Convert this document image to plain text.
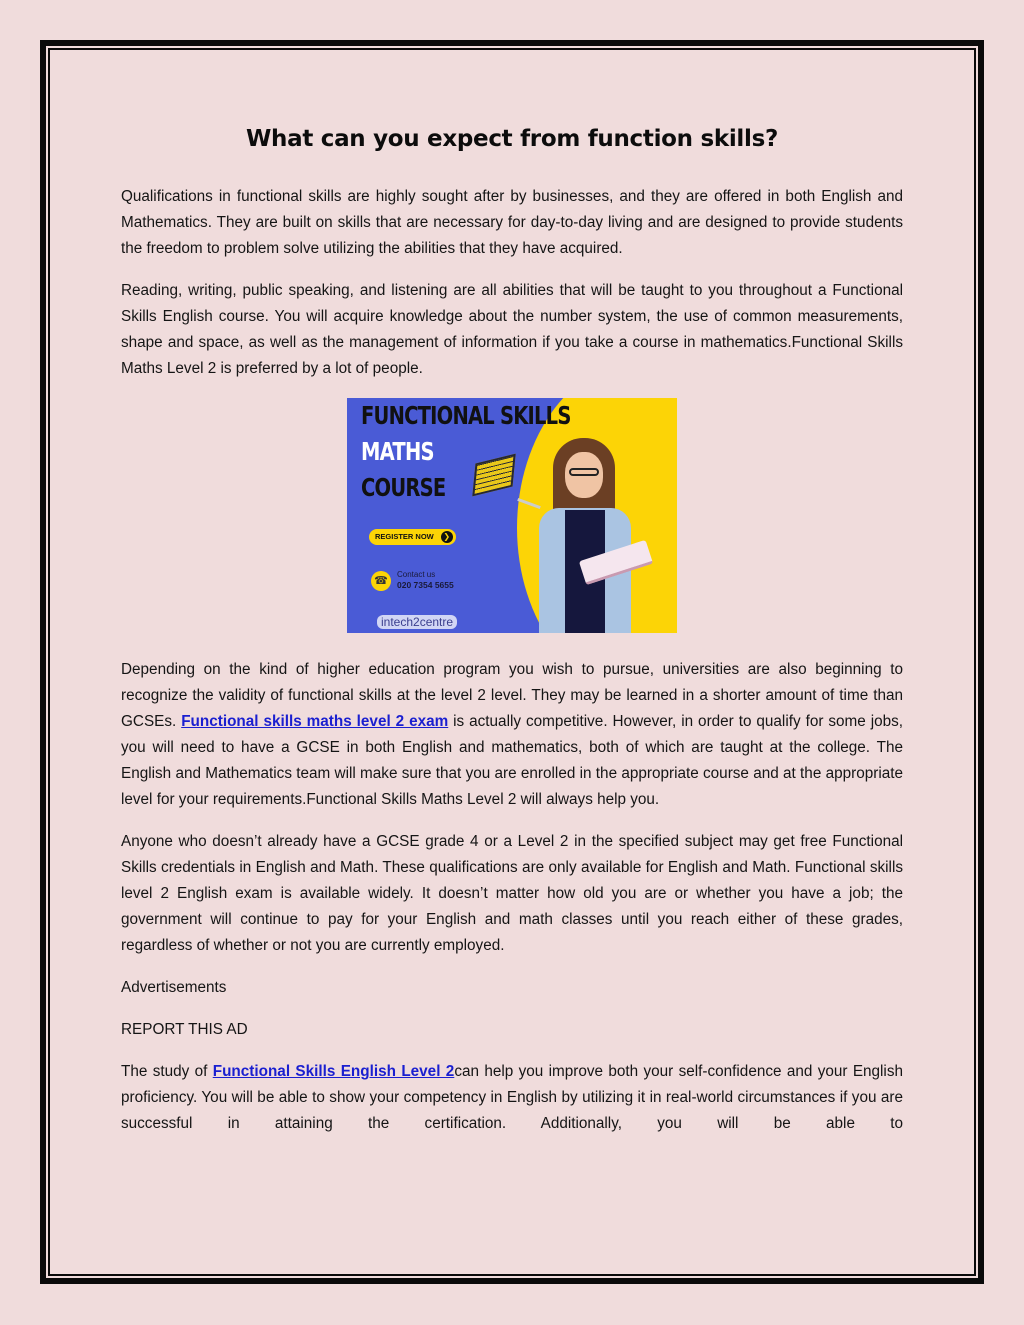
What can you expect from function skills?

Qualifications in functional skills are highly sought after by businesses, and they are offered in both English and Mathematics. They are built on skills that are necessary for day-to-day living and are designed to provide students the freedom to problem solve utilizing the abilities that they have acquired.

Reading, writing, public speaking, and listening are all abilities that will be taught to you throughout a Functional Skills English course. You will acquire knowledge about the number system, the use of common measurements, shape and space, as well as the management of information if you take a course in mathematics.Functional Skills Maths Level 2 is preferred by a lot of people.

FUNCTIONAL SKILLS
MATHS
COURSE
REGISTER NOW	❯
☎
Contact us
020 7354 5655
intech2centre

Depending on the kind of higher education program you wish to pursue, universities are also beginning to recognize the validity of functional skills at the level 2 level. They may be learned in a shorter amount of time than GCSEs. Functional skills maths level 2 exam is actually competitive. However, in order to qualify for some jobs, you will need to have a GCSE in both English and mathematics, both of which are taught at the college. The English and Mathematics team will make sure that you are enrolled in the appropriate course and at the appropriate level for your requirements.Functional Skills Maths Level 2 will always help you.

Anyone who doesn’t already have a GCSE grade 4 or a Level 2 in the specified subject may get free Functional Skills credentials in English and Math. These qualifications are only available for English and Math. Functional skills level 2 English exam is available widely. It doesn’t matter how old you are or whether you have a job; the government will continue to pay for your English and math classes until you reach either of these grades, regardless of whether or not you are currently employed.

Advertisements

REPORT THIS AD

The study of Functional Skills English Level 2can help you improve both your self-confidence and your English proficiency. You will be able to show your competency in English by utilizing it in real-world circumstances if you are successful in attaining the certification. Additionally, you will be able to
